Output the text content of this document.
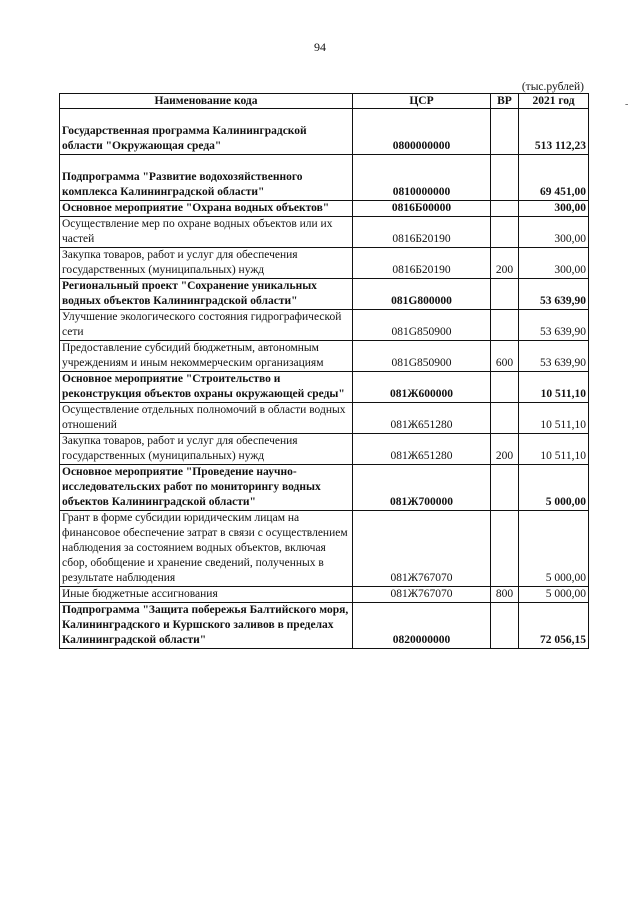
94
(тыс.рублей)
-
Наименование кода	ЦСР	ВР	2021 год

Государственная программа Калининградской области "Окружающая среда"	0800000000		513 112,23

Подпрограмма "Развитие водохозяйственного комплекса Калининградской области"	0810000000		69 451,00
Основное мероприятие "Охрана водных объектов"	0816Б00000		300,00
Осуществление мер по охране водных объектов или их частей	0816Б20190		300,00
Закупка товаров, работ и услуг для обеспечения государственных (муниципальных) нужд	0816Б20190	200	300,00
Региональный проект "Сохранение уникальных водных объектов Калининградской области"	081G800000		53 639,90
Улучшение экологического состояния гидрографической сети	081G850900		53 639,90
Предоставление субсидий бюджетным, автономным учреждениям и иным некоммерческим организациям	081G850900	600	53 639,90
Основное мероприятие "Строительство и реконструкция объектов охраны окружающей среды"	081Ж600000		10 511,10
Осуществление отдельных полномочий в области водных отношений	081Ж651280		10 511,10
Закупка товаров, работ и услуг для обеспечения государственных (муниципальных) нужд	081Ж651280	200	10 511,10
Основное мероприятие "Проведение научно-исследовательских работ по мониторингу водных объектов Калининградской области"	081Ж700000		5 000,00
Грант в форме субсидии юридическим лицам на финансовое обеспечение затрат в связи с осуществлением наблюдения за состоянием водных объектов, включая сбор, обобщение и хранение сведений, полученных в результате наблюдения	081Ж767070		5 000,00
Иные бюджетные ассигнования	081Ж767070	800	5 000,00
Подпрограмма "Защита побережья Балтийского моря, Калининградского и Куршского заливов в пределах Калининградской области"	0820000000		72 056,15
